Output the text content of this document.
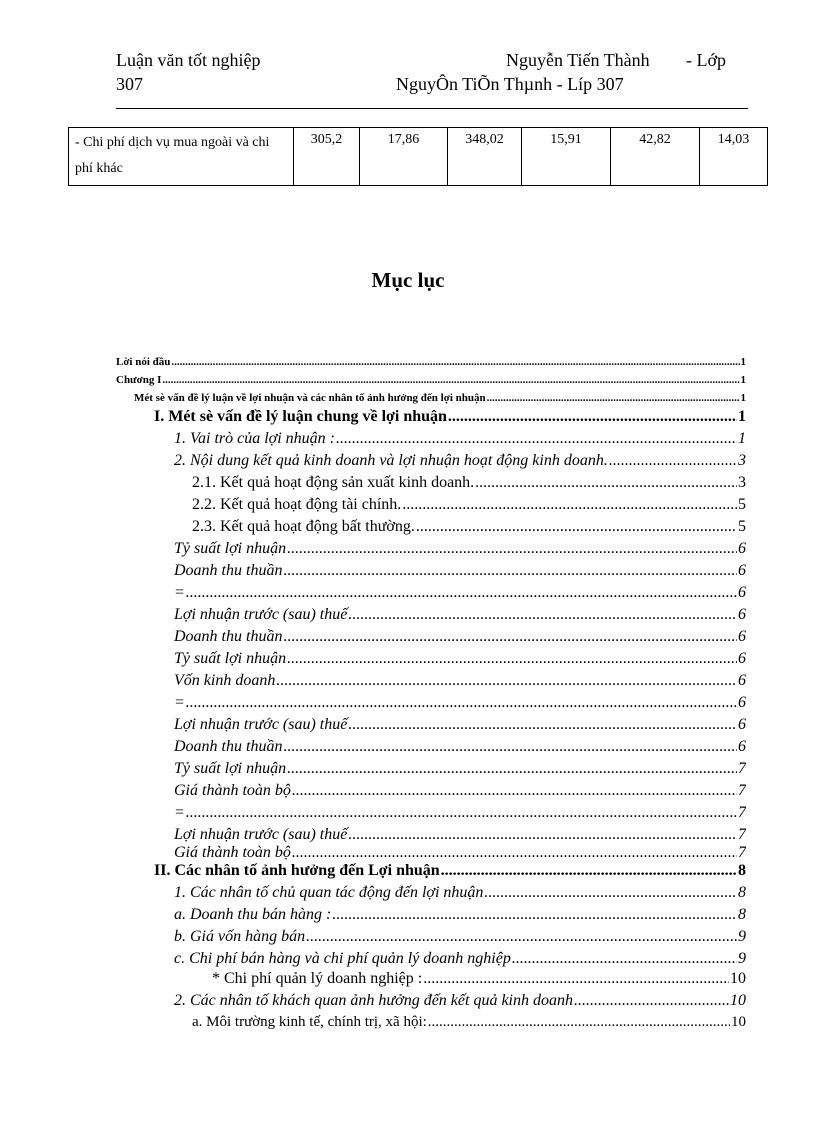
Luận văn tốt nghiệp	Nguyễn Tiến Thành - Lớp
307	NguyÔn TiÕn Thµnh - Líp 307
- Chi phí dịch vụ mua ngoài và chi phí khác	305,2	17,86	348,02	15,91	42,82	14,03
Mục lục
Lời nói đầu .....	1
Chương I .....	1
Mét sè vấn đề lý luận về lợi nhuận và các nhân tố ảnh hưởng đến lợi nhuận .....	1
I. Mét sè vấn đề lý luận chung về lợi nhuận .....	1
1. Vai trò của lợi nhuận : .....	1
2. Nội dung kết quả kinh doanh và lợi nhuận hoạt động kinh doanh. .....	3
2.1. Kết quả hoạt động sản xuất kinh doanh. .....	3
2.2. Kết quả hoạt động tài chính. .....	5
2.3. Kết quả hoạt động bất thường. .....	5
Tỷ suất lợi nhuận .....	6
Doanh thu thuần .....	6
= .....	6
Lợi nhuận trước (sau) thuế .....	6
Doanh thu thuần .....	6
Tỷ suất lợi nhuận .....	6
Vốn kinh doanh .....	6
= .....	6
Lợi nhuận trước (sau) thuế .....	6
Doanh thu thuần .....	6
Tỷ suất lợi nhuận .....	7
Giá thành toàn bộ .....	7
= .....	7
Lợi nhuận trước (sau) thuế .....	7
Giá thành toàn bộ .....	7
II. Các nhân tố ảnh hưởng đến Lợi nhuận .....	8
1. Các nhân tố chủ quan tác động đến lợi nhuận .....	8
a. Doanh thu bán hàng : .....	8
b. Giá vốn hàng bán .....	9
c. Chi phí bán hàng và chi phí quản lý doanh nghiệp .....	9
* Chi phí quản lý doanh nghiệp : .....	10
2. Các nhân tố khách quan ảnh hưởng đến kết quả kinh doanh .....	10
a. Môi trường kinh tế, chính trị, xã hội: .....	10
